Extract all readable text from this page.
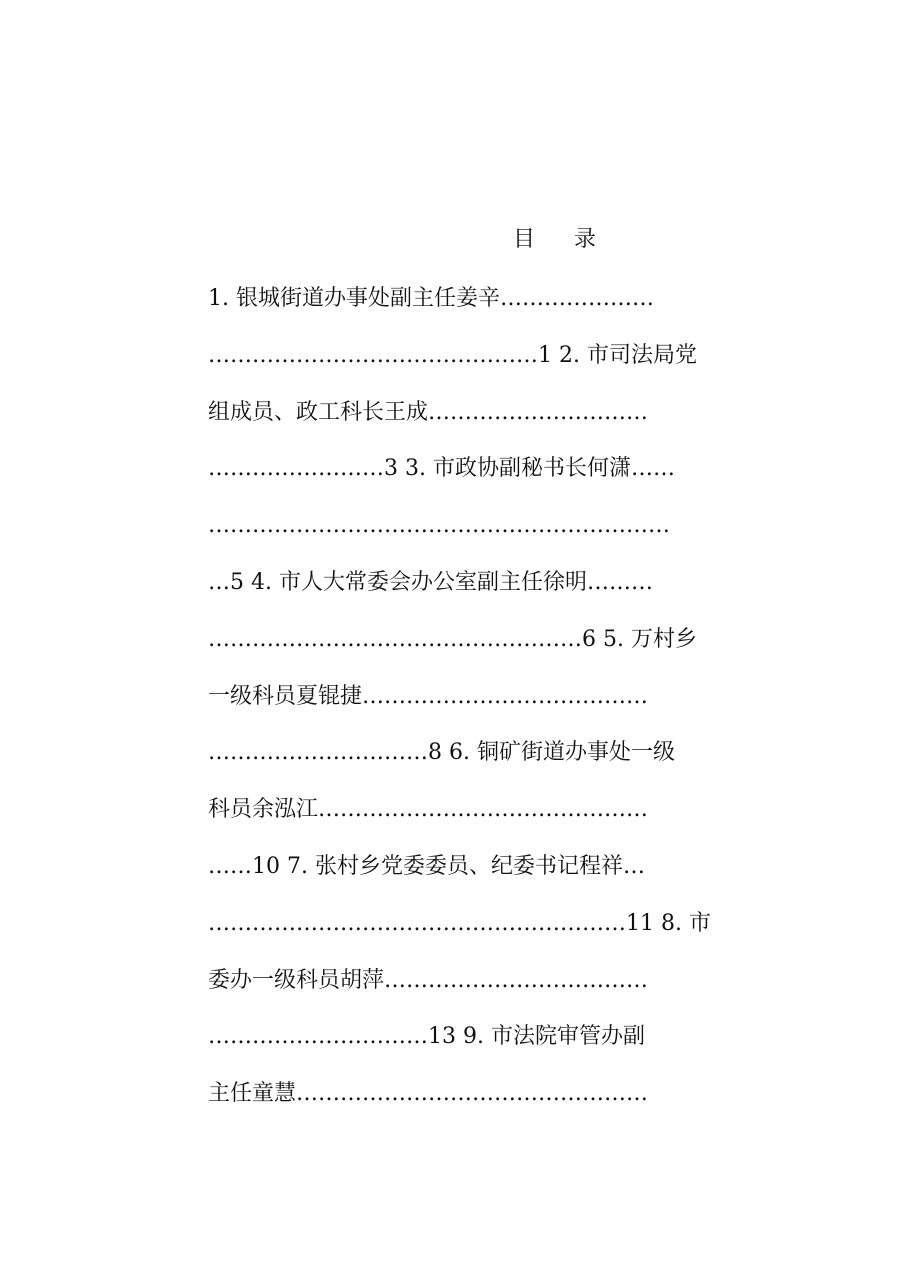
目 录
1. 银城街道办事处副主任姜辛…………………
………………………………………1 2. 市司法局党
组成员、政工科长王成…………………………
……………………3 3. 市政协副秘书长何潇……
………………………………………………………
…5 4. 市人大常委会办公室副主任徐明………
……………………………………………6 5. 万村乡
一级科员夏锟捷…………………………………
…………………………8 6. 铜矿街道办事处一级
科员余泓江………………………………………
……10 7. 张村乡党委委员、纪委书记程祥…
…………………………………………………11 8. 市
委办一级科员胡萍………………………………
…………………………13 9. 市法院审管办副
主任童慧…………………………………………
